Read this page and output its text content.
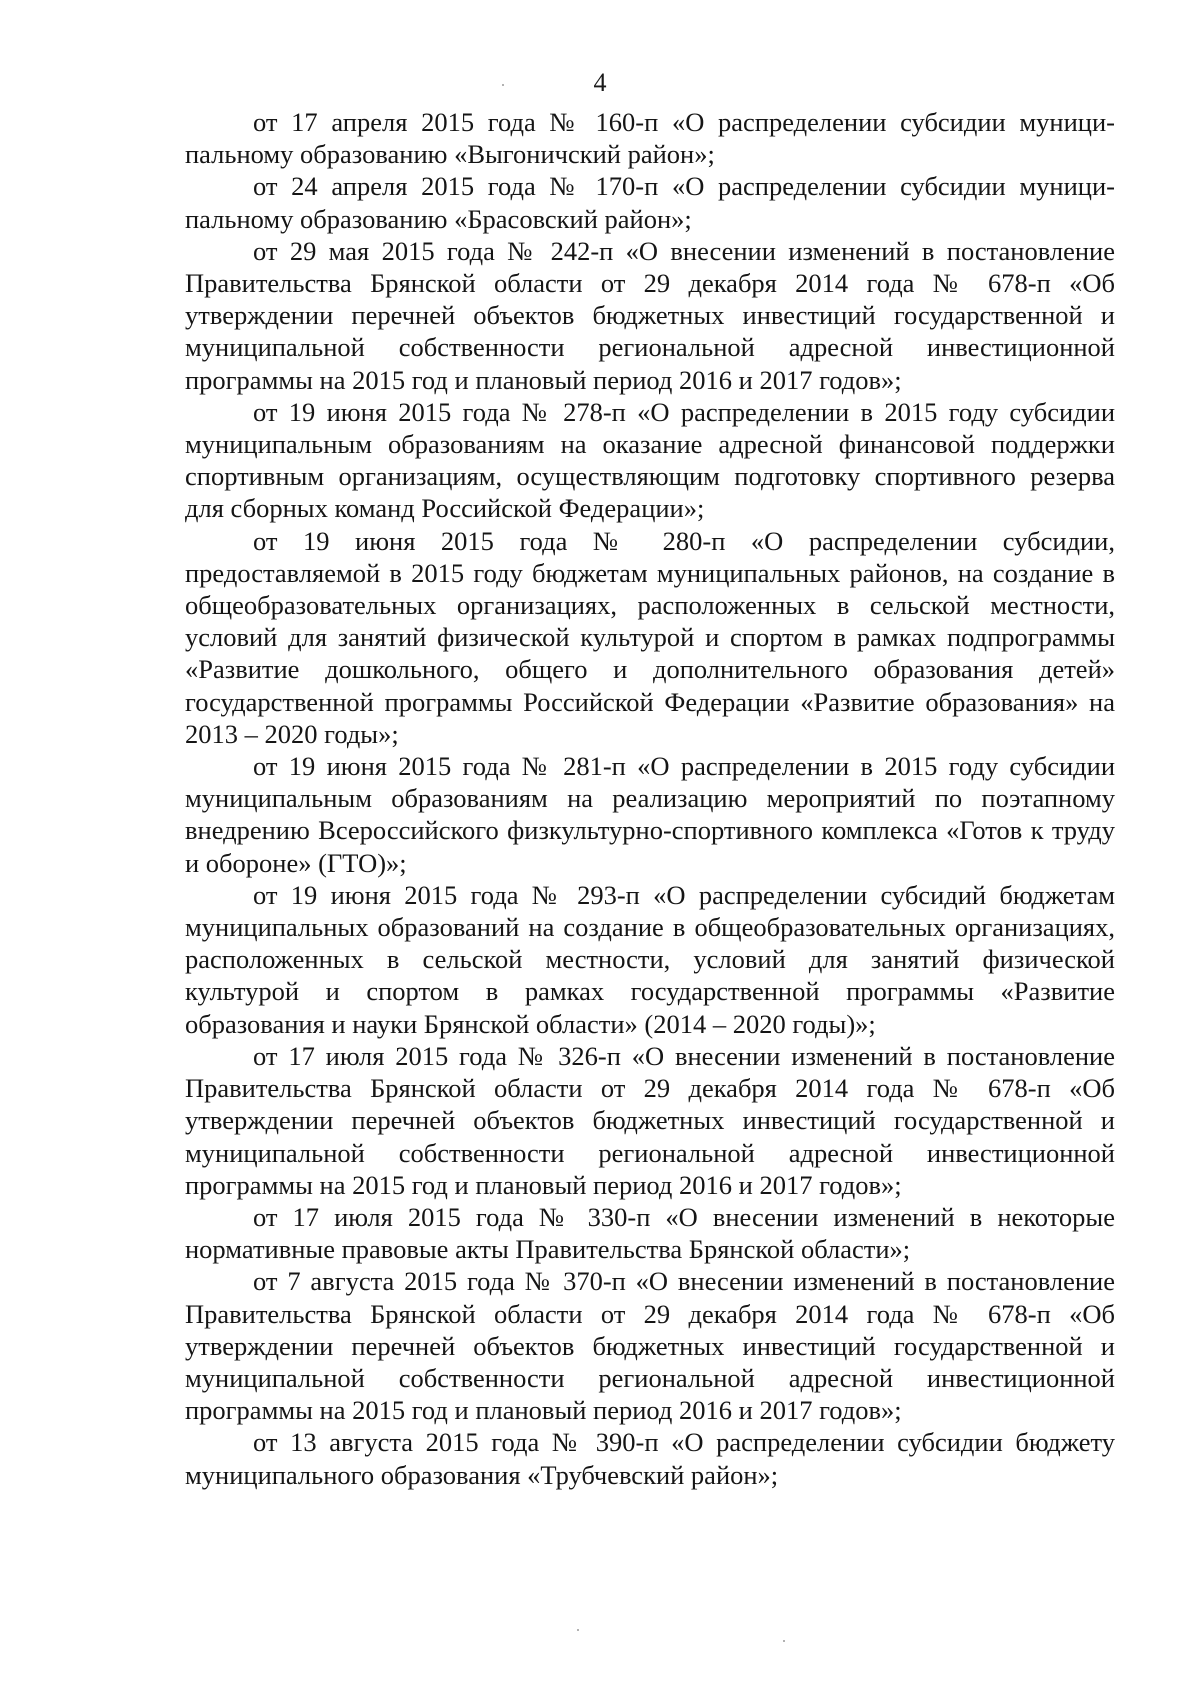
4

от 17 апреля 2015 года № 160-п «О распределении субсидии муниципальному образованию «Выгоничский район»;

от 24 апреля 2015 года № 170-п «О распределении субсидии муниципальному образованию «Брасовский район»;

от 29 мая 2015 года № 242-п «О внесении изменений в постановление Правительства Брянской области от 29 декабря 2014 года № 678-п «Об утверждении перечней объектов бюджетных инвестиций государственной и муниципальной собственности региональной адресной инвестиционной программы на 2015 год и плановый период 2016 и 2017 годов»;

от 19 июня 2015 года № 278-п «О распределении в 2015 году субсидии муниципальным образованиям на оказание адресной финансовой поддержки спортивным организациям, осуществляющим подготовку спортивного резерва для сборных команд Российской Федерации»;

от 19 июня 2015 года № 280-п «О распределении субсидии, предоставляемой в 2015 году бюджетам муниципальных районов, на создание в общеобразовательных организациях, расположенных в сельской местности, условий для занятий физической культурой и спортом в рамках подпрограммы «Развитие дошкольного, общего и дополнительного образования детей» государственной программы Российской Федерации «Развитие образования» на 2013 – 2020 годы»;

от 19 июня 2015 года № 281-п «О распределении в 2015 году субсидии муниципальным образованиям на реализацию мероприятий по поэтапному внедрению Всероссийского физкультурно-спортивного комплекса «Готов к труду и обороне» (ГТО)»;

от 19 июня 2015 года № 293-п «О распределении субсидий бюджетам муниципальных образований на создание в общеобразовательных организациях, расположенных в сельской местности, условий для занятий физической культурой и спортом в рамках государственной программы «Развитие образования и науки Брянской области» (2014 – 2020 годы)»;

от 17 июля 2015 года № 326-п «О внесении изменений в постановление Правительства Брянской области от 29 декабря 2014 года № 678-п «Об утверждении перечней объектов бюджетных инвестиций государственной и муниципальной собственности региональной адресной инвестиционной программы на 2015 год и плановый период 2016 и 2017 годов»;

от 17 июля 2015 года № 330-п «О внесении изменений в некоторые нормативные правовые акты Правительства Брянской области»;

от 7 августа 2015 года № 370-п «О внесении изменений в постановление Правительства Брянской области от 29 декабря 2014 года № 678-п «Об утверждении перечней объектов бюджетных инвестиций государственной и муниципальной собственности региональной адресной инвестиционной программы на 2015 год и плановый период 2016 и 2017 годов»;

от 13 августа 2015 года № 390-п «О распределении субсидии бюджету муниципального образования «Трубчевский район»;
